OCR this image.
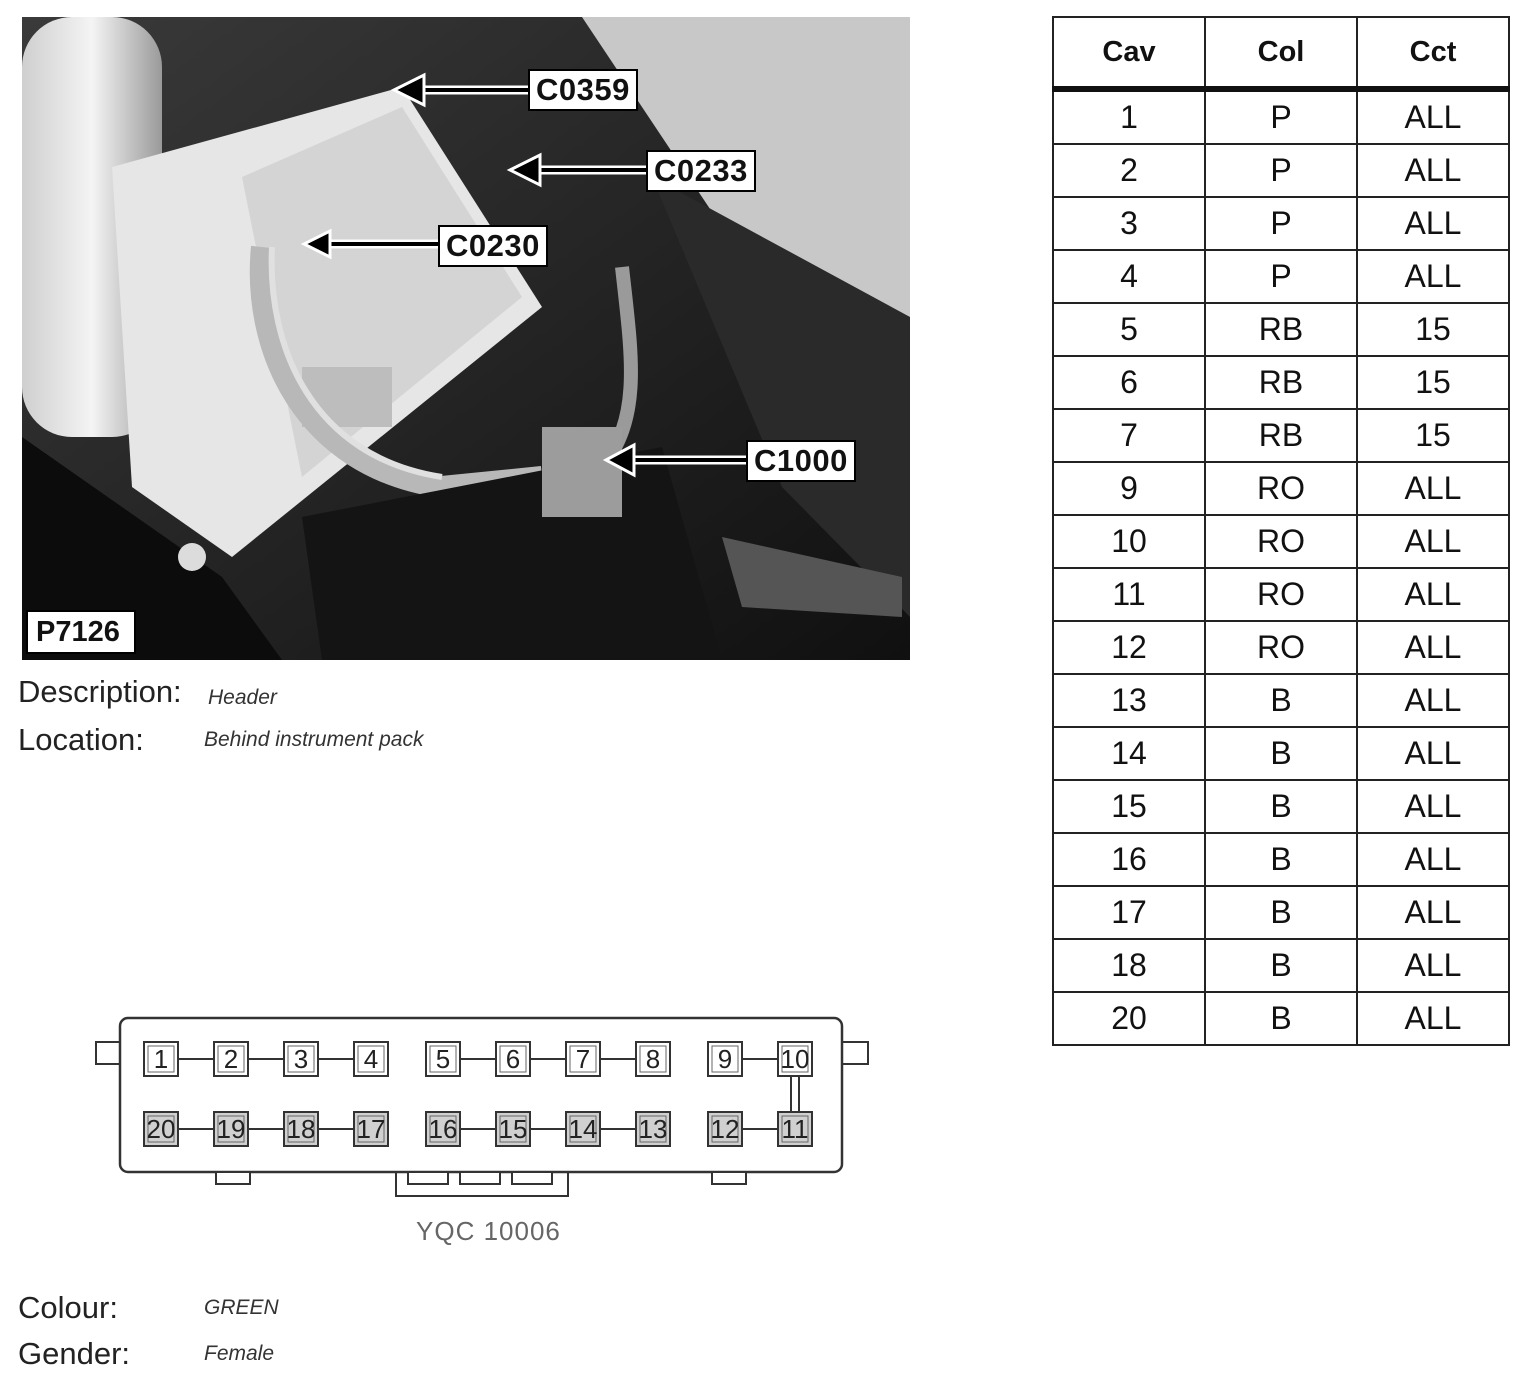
C0359
C0233
C0230
C1000
P7126
Description: Header
Location:	Behind instrument pack
Cav	Col	Cct
1	P	ALL
2	P	ALL
3	P	ALL
4	P	ALL
5	RB	15
6	RB	15
7	RB	15
9	RO	ALL
10	RO	ALL
11	RO	ALL
12	RO	ALL
13	B	ALL
14	B	ALL
15	B	ALL
16	B	ALL
17	B	ALL
18	B	ALL
20	B	ALL
1 2 3 4 5 6 7 8 9 10
20 19 18 17 16 15 14 13 12 11
YQC 10006
Colour:	GREEN
Gender:	Female
